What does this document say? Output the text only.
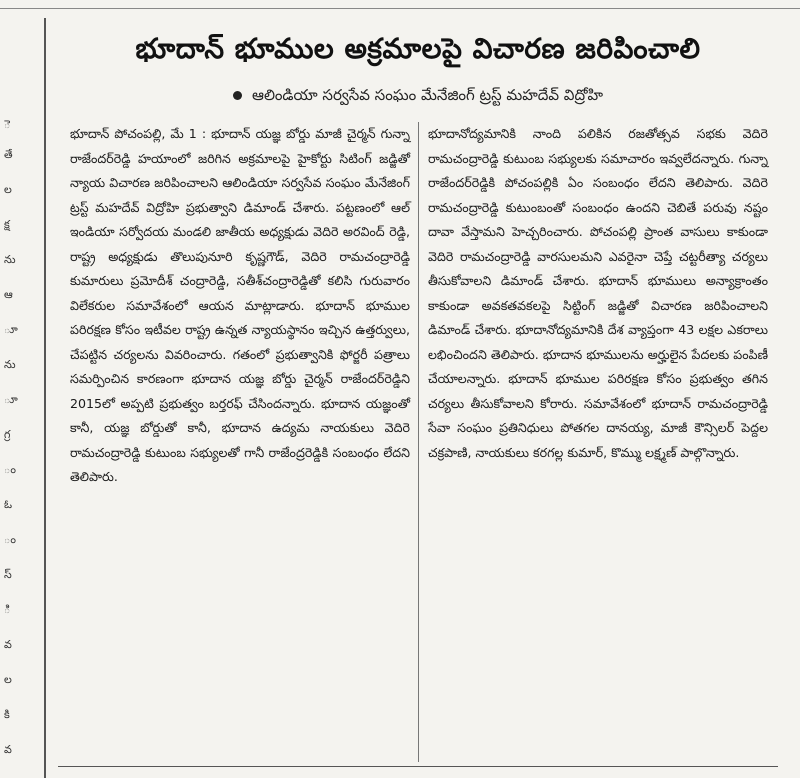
ె
తే
ల
క్ష
ను
ఆ
ూ
ను
ూ
గ్ర
ం
ఓ
ం
స్
ి
వ
ల
కి
వ
భూదాన్ భూముల అక్రమాలపై విచారణ జరిపించాలి
ఆలిండియా సర్వసేవ సంఘం మేనేజింగ్ ట్రస్ట్ మహదేవ్ విద్రోహి
భూదాన్ పోచంపల్లి, మే 1 : భూదాన్ యజ్ఞ బోర్డు మాజీ చైర్మన్ గున్నా రాజేందర్‌రెడ్డి హయాంలో జరిగిన అక్రమాలపై హైకోర్టు సిటింగ్ జడ్జితో న్యాయ విచారణ జరిపించాలని ఆలిండియా సర్వసేవ సంఘం మేనేజింగ్ ట్రస్ట్ మహదేవ్ విద్రోహి ప్రభుత్వాని డిమాండ్ చేశారు. పట్టణంలో ఆల్ ఇండియా సర్వోదయ మండలి జాతీయ అధ్యక్షుడు వెదిరె అరవింద్ రెడ్డి, రాష్ట్ర అధ్యక్షుడు తొలుపునూరి కృష్ణగౌడ్, వెదిరె రామచంద్రారెడ్డి కుమారులు ప్రమోదీశ్ చంద్రారెడ్డి, సతీశ్‌చంద్రారెడ్డితో కలిసి గురువారం విలేకరుల సమావేశంలో ఆయన మాట్లాడారు. భూదాన్ భూముల పరిరక్షణ కోసం ఇటీవల రాష్ట్ర ఉన్నత న్యాయస్థానం ఇచ్చిన ఉత్తర్వులు, చేపట్టిన చర్యలను వివరించారు. గతంలో ప్రభుత్వానికి ఫోర్జరీ పత్రాలు సమర్పించిన కారణంగా భూదాన యజ్ఞ బోర్డు చైర్మన్ రాజేందర్‌రెడ్డిని 2015లో అప్పటి ప్రభుత్వం బర్తరఫ్ చేసిందన్నారు. భూదాన యజ్ఞంతో కానీ, యజ్ఞ బోర్డుతో కానీ, భూదాన ఉద్యమ నాయకులు వెదిరె రామచంద్రారెడ్డి కుటుంబ సభ్యులతో గానీ రాజేంద్రరెడ్డికి సంబంధం లేదని తెలిపారు.
భూదానోద్యమానికి నాంది పలికిన రజతోత్సవ సభకు వెదిరె రామచంద్రారెడ్డి కుటుంబ సభ్యులకు సమాచారం ఇవ్వలేదన్నారు. గున్నా రాజేందర్‌రెడ్డికి పోచంపల్లికి ఏం సంబంధం లేదని తెలిపారు. వెదిరె రామచంద్రారెడ్డి కుటుంబంతో సంబంధం ఉందని చెబితే పరువు నష్టం దావా వేస్తామని హెచ్చరించారు. పోచంపల్లి ప్రాంత వాసులు కాకుండా వెదిరె రామచంద్రారెడ్డి వారసులమని ఎవరైనా చెప్తే చట్టరీత్యా చర్యలు తీసుకోవాలని డిమాండ్ చేశారు. భూదాన్ భూములు అన్యాక్రాంతం కాకుండా అవకతవకలపై సిట్టింగ్ జడ్జితో విచారణ జరిపించాలని డిమాండ్ చేశారు. భూదానోద్యమానికి దేశ వ్యాప్తంగా 43 లక్షల ఎకరాలు లభించిందని తెలిపారు. భూదాన భూములను అర్హులైన పేదలకు పంపిణీ చేయాలన్నారు. భూదాన్ భూముల పరిరక్షణ కోసం ప్రభుత్వం తగిన చర్యలు తీసుకోవాలని కోరారు. సమావేశంలో భూదాన్ రామచంద్రారెడ్డి సేవా సంఘం ప్రతినిధులు పోతగల దానయ్య, మాజీ కౌన్సిలర్ పెద్దల చక్రపాణి, నాయకులు కరగల్ల కుమార్, కొమ్ము లక్ష్మణ్ పాల్గొన్నారు.
